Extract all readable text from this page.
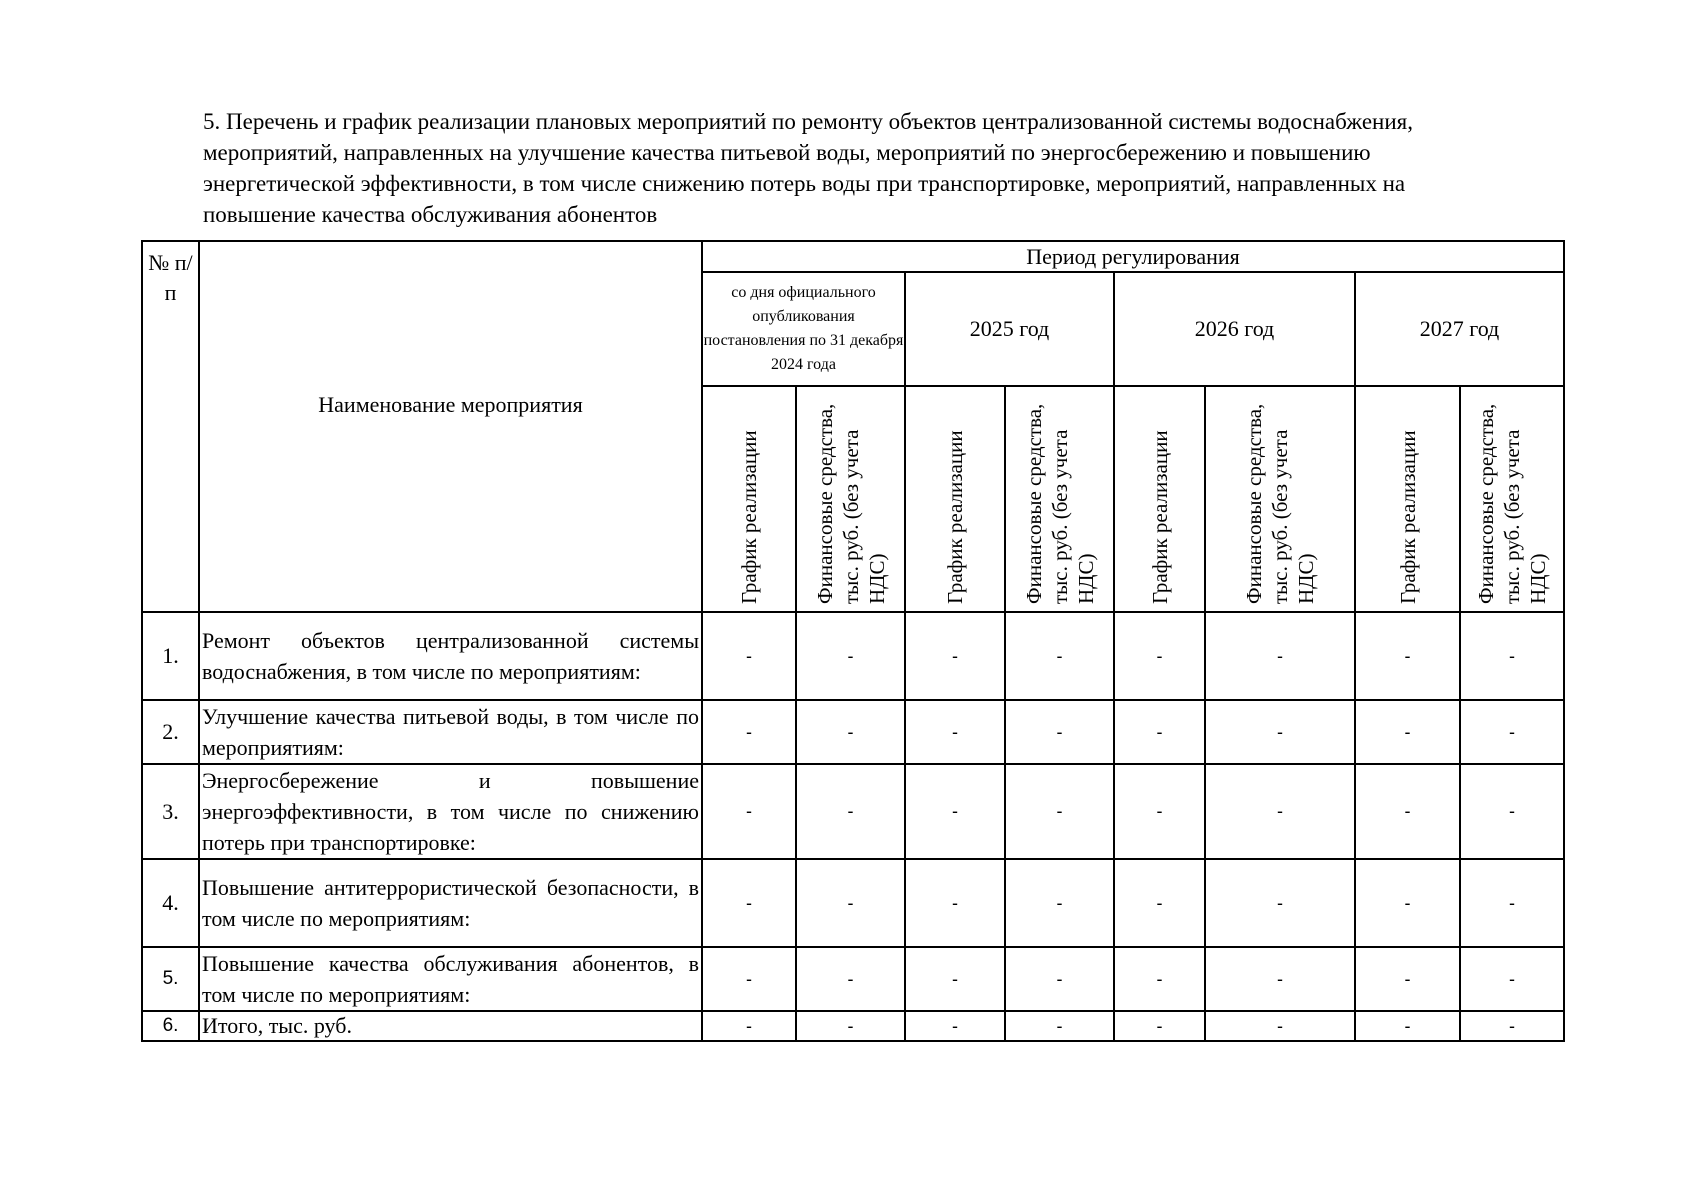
5. Перечень и график реализации плановых мероприятий по ремонту объектов централизованной системы водоснабжения, мероприятий, направленных на улучшение качества питьевой воды, мероприятий по энергосбережению и повышению энергетической эффективности, в том числе снижению потерь воды при транспортировке, мероприятий, направленных на повышение качества обслуживания абонентов
№ п/п	Наименование мероприятия	Период регулирования							
		со дня официального опубликования постановления по 31 декабря 2024 года		2025 год		2026 год		2027 год	

		График реализации	Финансовые средства, тыс. руб. (без учета НДС)	График реализации	Финансовые средства, тыс. руб. (без учета НДС)	График реализации	Финансовые средства, тыс. руб. (без учета НДС)	График реализации	Финансовые средства, тыс. руб. (без учета НДС)

1.	Ремонт объектов централизованной системы водоснабжения, в том числе по мероприятиям:	-	-	-	-	-	-	-	-
2.	Улучшение качества питьевой воды, в том числе по мероприятиям:	-	-	-	-	-	-	-	-
3.	Энергосбережение и повышение энергоэффективности, в том числе по снижению потерь при транспортировке:	-	-	-	-	-	-	-	-
4.	Повышение антитеррористической безопасности, в том числе по мероприятиям:	-	-	-	-	-	-	-	-
5.	Повышение качества обслуживания абонентов, в том числе по мероприятиям:	-	-	-	-	-	-	-	-
6.	Итого, тыс. руб.	-	-	-	-	-	-	-	-
